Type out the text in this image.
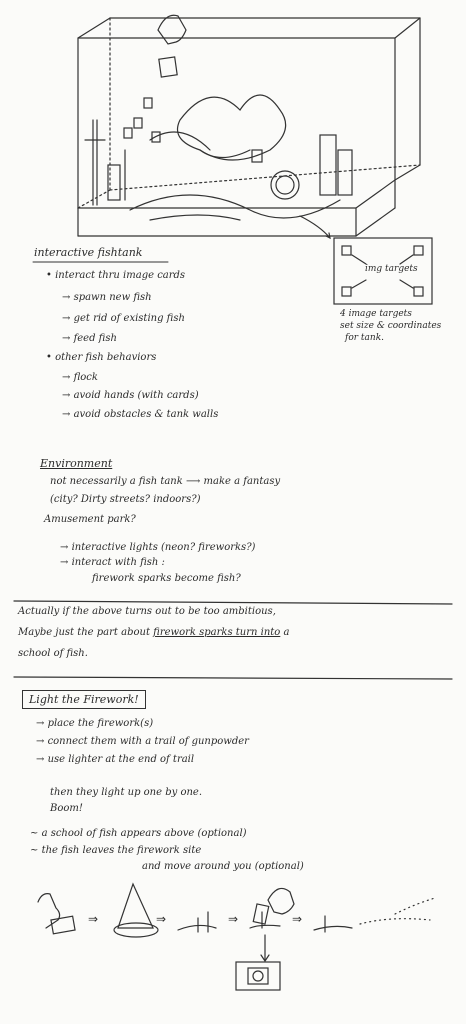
img targets
4 image targets
set size & coordinates
for tank.
interactive fishtank
• interact thru image cards
→ spawn new fish
→ get rid of existing fish
→ feed fish
• other fish behaviors
→ flock
→ avoid hands (with cards)
→ avoid obstacles & tank walls
Environment
not necessarily a fish tank ⟶ make a fantasy
(city? Dirty streets? indoors?)
Amusement park?
→ interactive lights (neon? fireworks?)
→ interact with fish :
firework sparks become fish?
Actually if the above turns out to be too ambitious,
Maybe just the part about firework sparks turn into a
school of fish.
Light the Firework!
→ place the firework(s)
→ connect them with a trail of gunpowder
→ use lighter at the end of trail
then they light up one by one.
Boom!
~ a school of fish appears above (optional)
~ the fish leaves the firework site
and move around you (optional)
⇒	⇒	⇒	⇒
